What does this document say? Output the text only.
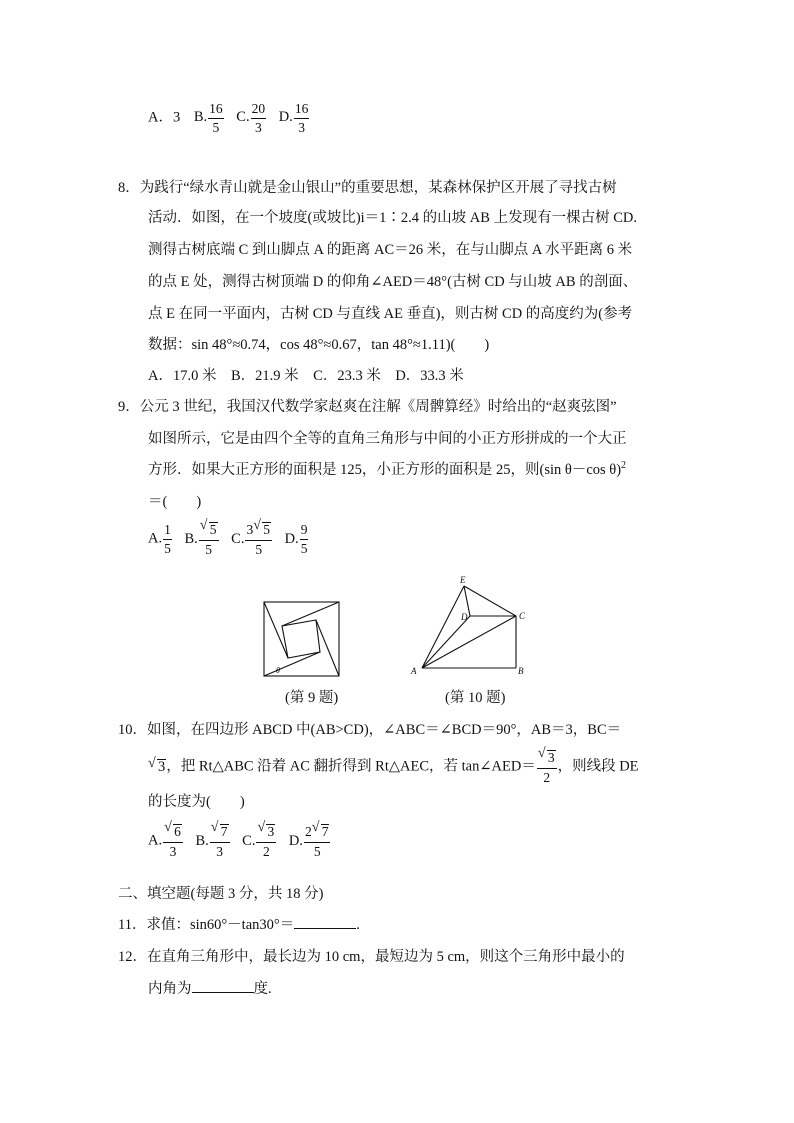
A．3 B. $\frac{16}{5} C$. $\frac{20}{3} D$. $\frac{16}{3}$
8．为践行“绿水青山就是金山银山”的重要思想，某森林保护区开展了寻找古树
活动．如图，在一个坡度(或坡比)i＝1∶2.4 的山坡 AB 上发现有一棵古树 CD.
测得古树底端 C 到山脚点 A 的距离 AC＝26 米，在与山脚点 A 水平距离 6 米
的点 E 处，测得古树顶端 D 的仰角∠AED＝48°(古树 CD 与山坡 AB 的剖面、
点 E 在同一平面内，古树 CD 与直线 AE 垂直)，则古树 CD 的高度约为(参考
数据：sin 48°≈0.74，cos 48°≈0.67，tan 48°≈1.11)(　　)
A．17.0 米　B．21.9 米　C．23.3 米　D．33.3 米
9．公元 3 世纪，我国汉代数学家赵爽在注解《周髀算经》时给出的“赵爽弦图”
如图所示，它是由四个全等的直角三角形与中间的小正方形拼成的一个大正
方形．如果大正方形的面积是 125，小正方形的面积是 25，则(sin θ－cos θ)$^2$
＝(　　)
A. $\frac{1}{5} B$. $\frac{√ 5}{5} C$. $\frac{3 √ 5}{5} D$. $\frac{9}{5}$
θ
(第 9 题)
E
D	C
A	B
(第 10 题)
10．如图，在四边形 ABCD 中(AB>CD)，∠ABC＝∠BCD＝90°，AB＝3，BC＝
√ 3，把 Rt△ABC 沿着 AC 翻折得到 Rt△AEC，若 tan∠AED＝ $\frac{√ 3}{2}$ ，则线段 DE
的长度为(　　)
A. $\frac{√ 6}{3} B$. $\frac{√ 7}{3} C$. $\frac{√ 3}{2} D$. $\frac{2 √ 7}{5}$
二、填空题(每题 3 分，共 18 分)
11．求值：sin60°－tan30°＝	.
12．在直角三角形中，最长边为 10 cm，最短边为 5 cm，则这个三角形中最小的
内角为	度.
